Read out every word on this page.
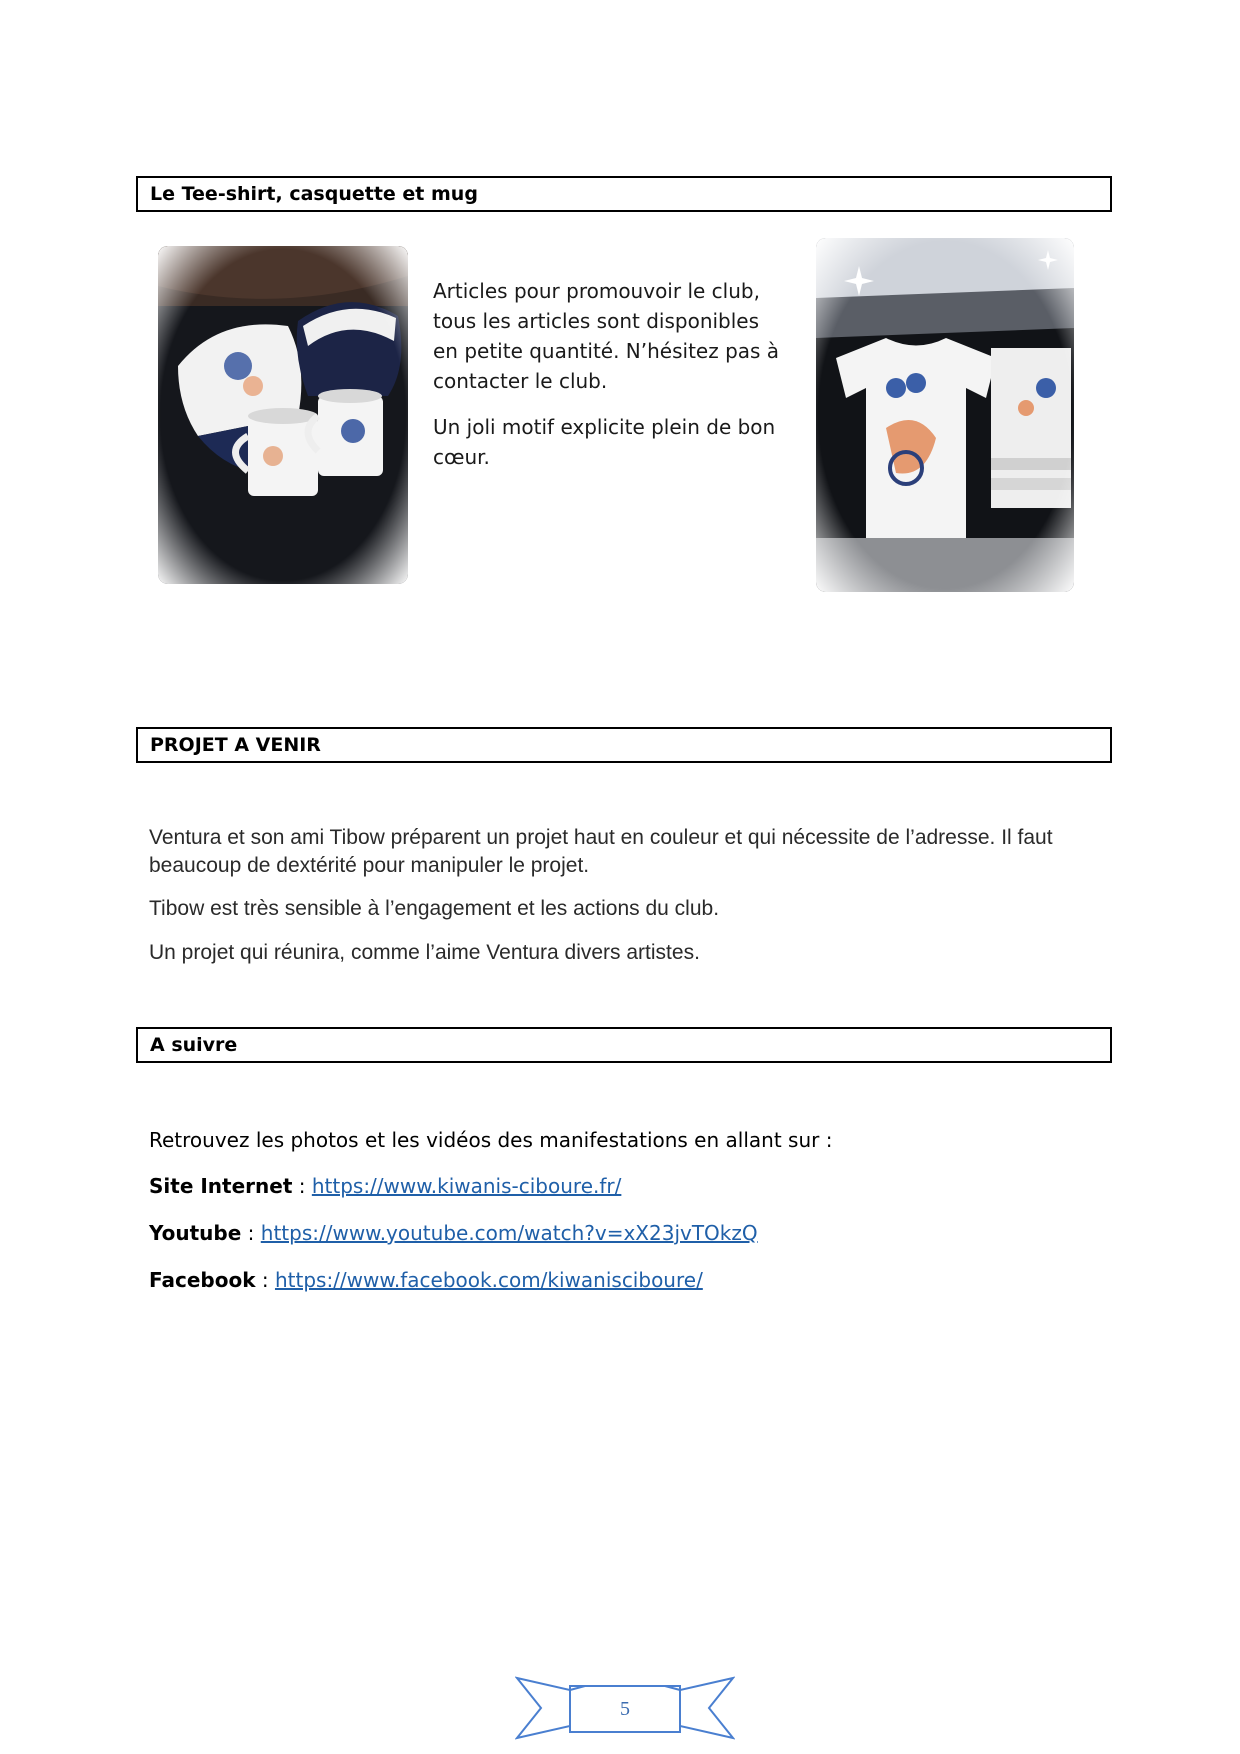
Le Tee-shirt, casquette et mug
Articles pour promouvoir le club, tous les articles sont disponibles en petite quantité. N’hésitez pas à contacter le club.
Un joli motif explicite plein de bon cœur.
PROJET A VENIR

Ventura et son ami Tibow préparent un projet haut en couleur et qui nécessite de l’adresse. Il faut beaucoup de dextérité pour manipuler le projet.

Tibow est très sensible à l’engagement et les actions du club.

Un projet qui réunira, comme l’aime Ventura divers artistes.

A suivre
Retrouvez les photos et les vidéos des manifestations en allant sur :
Site Internet : https://www.kiwanis-ciboure.fr/
Youtube : https://www.youtube.com/watch?v=xX23jvTOkzQ
Facebook : https://www.facebook.com/kiwanisciboure/
5
